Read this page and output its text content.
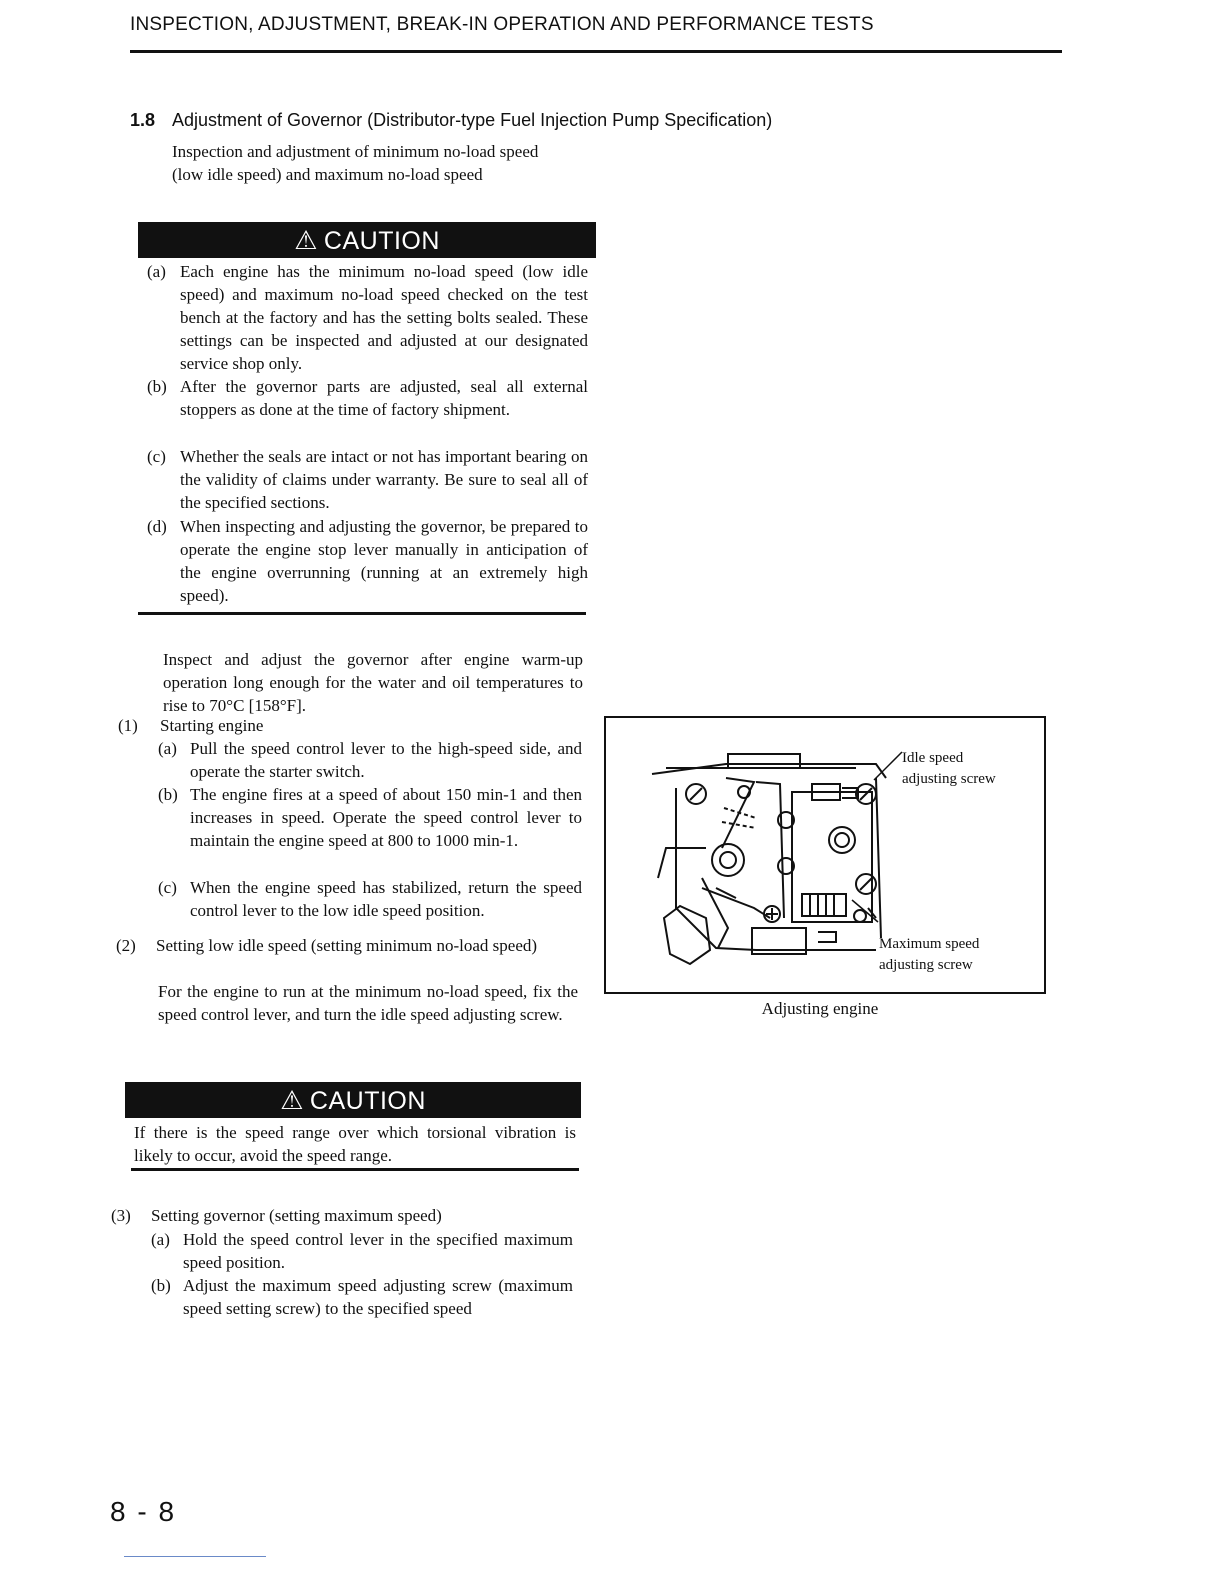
INSPECTION, ADJUSTMENT, BREAK-IN OPERATION AND PERFORMANCE TESTS
1.8 Adjustment of Governor (Distributor-type Fuel Injection Pump Specification)
Inspection and adjustment of minimum no-load speed
(low idle speed) and maximum no-load speed
⚠ CAUTION
(a) Each engine has the minimum no-load speed (low idle speed) and maximum no-load speed checked on the test bench at the factory and has the setting bolts sealed. These settings can be inspected and adjusted at our designated service shop only.
(b) After the governor parts are adjusted, seal all external stoppers as done at the time of factory shipment.
(c) Whether the seals are intact or not has important bearing on the validity of claims under warranty. Be sure to seal all of the specified sections.
(d) When inspecting and adjusting the governor, be prepared to operate the engine stop lever manually in anticipation of the engine overrunning (running at an extremely high speed).
Inspect and adjust the governor after engine warm-up operation long enough for the water and oil temperatures to rise to 70°C [158°F].
(1) Starting engine
(a) Pull the speed control lever to the high-speed side, and operate the starter switch.
(b) The engine fires at a speed of about 150 min-1 and then increases in speed. Operate the speed control lever to maintain the engine speed at 800 to 1000 min-1.
(c) When the engine speed has stabilized, return the speed control lever to the low idle speed position.
(2) Setting low idle speed (setting minimum no-load speed)
For the engine to run at the minimum no-load speed, fix the speed control lever, and turn the idle speed adjusting screw.
Idle speed
adjusting screw
Maximum speed
adjusting screw
Adjusting engine
⚠ CAUTION
If there is the speed range over which torsional vibration is likely to occur, avoid the speed range.
(3) Setting governor (setting maximum speed)
(a) Hold the speed control lever in the specified maximum speed position.
(b) Adjust the maximum speed adjusting screw (maximum speed setting screw) to the specified speed
8 - 8
